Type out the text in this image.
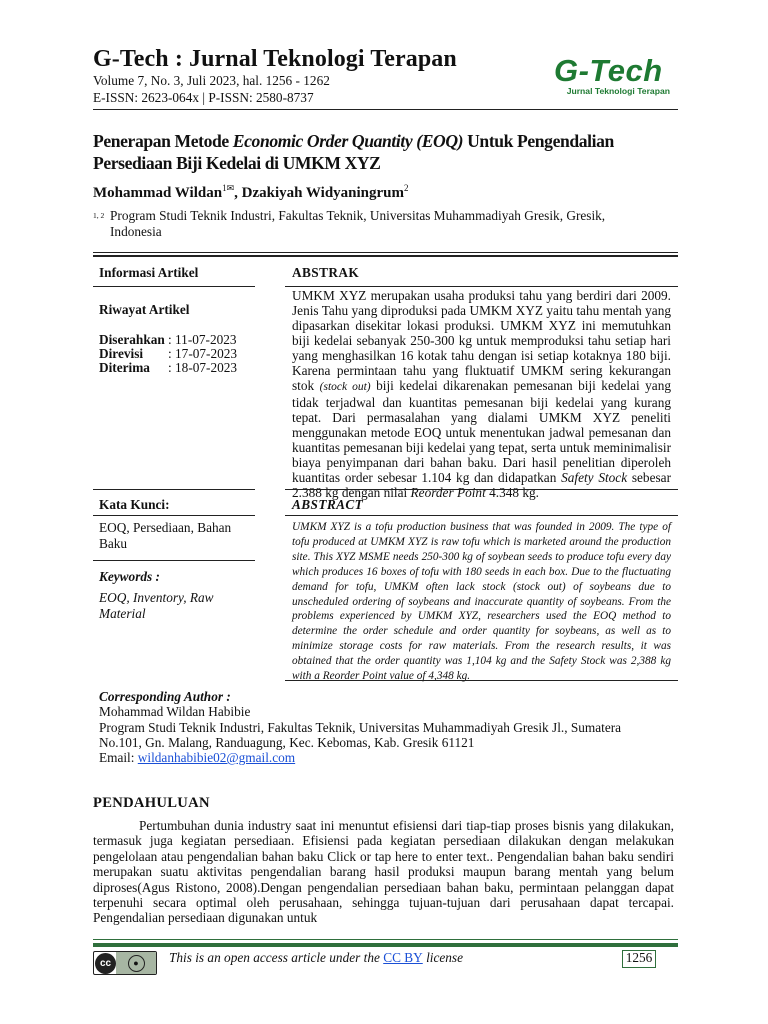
G-Tech : Jurnal Teknologi Terapan
Volume 7, No. 3, Juli 2023, hal. 1256 - 1262
E-ISSN: 2623-064x | P-ISSN: 2580-8737
G-Tech
Jurnal Teknologi Terapan
Penerapan Metode Economic Order Quantity (EOQ) Untuk Pengendalian Persediaan Biji Kedelai di UMKM XYZ
Mohammad Wildan$^{1✉}$, Dzakiyah Widyaningrum$^2$
1, 2 Program Studi Teknik Industri, Fakultas Teknik, Universitas Muhammadiyah Gresik, Gresik, Indonesia
Informasi Artikel
Riwayat Artikel
Diserahkan : 11-07-2023
Direvisi : 17-07-2023
Diterima : 18-07-2023
Kata Kunci:
EOQ, Persediaan, Bahan Baku
Keywords :
EOQ, Inventory, Raw Material
ABSTRAK
UMKM XYZ merupakan usaha produksi tahu yang berdiri dari 2009. Jenis Tahu yang diproduksi pada UMKM XYZ yaitu tahu mentah yang dipasarkan disekitar lokasi produksi. UMKM XYZ ini memutuhkan biji kedelai sebanyak 250-300 kg untuk memproduksi tahu setiap hari yang menghasilkan 16 kotak tahu dengan isi setiap kotaknya 180 biji. Karena permintaan tahu yang fluktuatif UMKM sering kekurangan stok (stock out) biji kedelai dikarenakan pemesanan biji kedelai yang tidak terjadwal dan kuantitas pemesanan biji kedelai yang kurang tepat. Dari permasalahan yang dialami UMKM XYZ peneliti menggunakan metode EOQ untuk menentukan jadwal pemesanan dan kuantitas pemesanan biji kedelai yang tepat, serta untuk meminimalisir biaya penyimpanan dari bahan baku. Dari hasil penelitian diperoleh kuantitas order sebesar 1.104 kg dan didapatkan Safety Stock sebesar 2.388 kg dengan nilai Reorder Point 4.348 kg.
ABSTRACT
UMKM XYZ is a tofu production business that was founded in 2009. The type of tofu produced at UMKM XYZ is raw tofu which is marketed around the production site. This XYZ MSME needs 250-300 kg of soybean seeds to produce tofu every day which produces 16 boxes of tofu with 180 seeds in each box. Due to the fluctuating demand for tofu, UMKM often lack stock (stock out) of soybeans due to unscheduled ordering of soybeans and inaccurate quantity of soybeans. From the problems experienced by UMKM XYZ, researchers used the EOQ method to determine the order schedule and order quantity for soybeans, as well as to minimize storage costs for raw materials. From the research results, it was obtained that the order quantity was 1,104 kg and the Safety Stock was 2,388 kg with a Reorder Point value of 4,348 kg.
Corresponding Author :
Mohammad Wildan Habibie
Program Studi Teknik Industri, Fakultas Teknik, Universitas Muhammadiyah Gresik Jl., Sumatera No.101, Gn. Malang, Randuagung, Kec. Kebomas, Kab. Gresik 61121
Email: wildanhabibie02@gmail.com
PENDAHULUAN
Pertumbuhan dunia industry saat ini menuntut efisiensi dari tiap-tiap proses bisnis yang dilakukan, termasuk juga kegiatan persediaan. Efisiensi pada kegiatan persediaan dilakukan dengan melakukan pengelolaan atau pengendalian bahan baku Click or tap here to enter text.. Pengendalian bahan baku sendiri merupakan suatu aktivitas pengendalian barang hasil produksi maupun barang mentah yang belum diproses(Agus Ristono, 2008).Dengan pengendalian persediaan bahan baku, permintaan pelanggan dapat terpenuhi secara optimal oleh perusahaan, sehingga tujuan-tujuan dari perusahaan dapat tercapai. Pengendalian persediaan digunakan untuk
cc	●	This is an open access article under the CC BY license	1256
